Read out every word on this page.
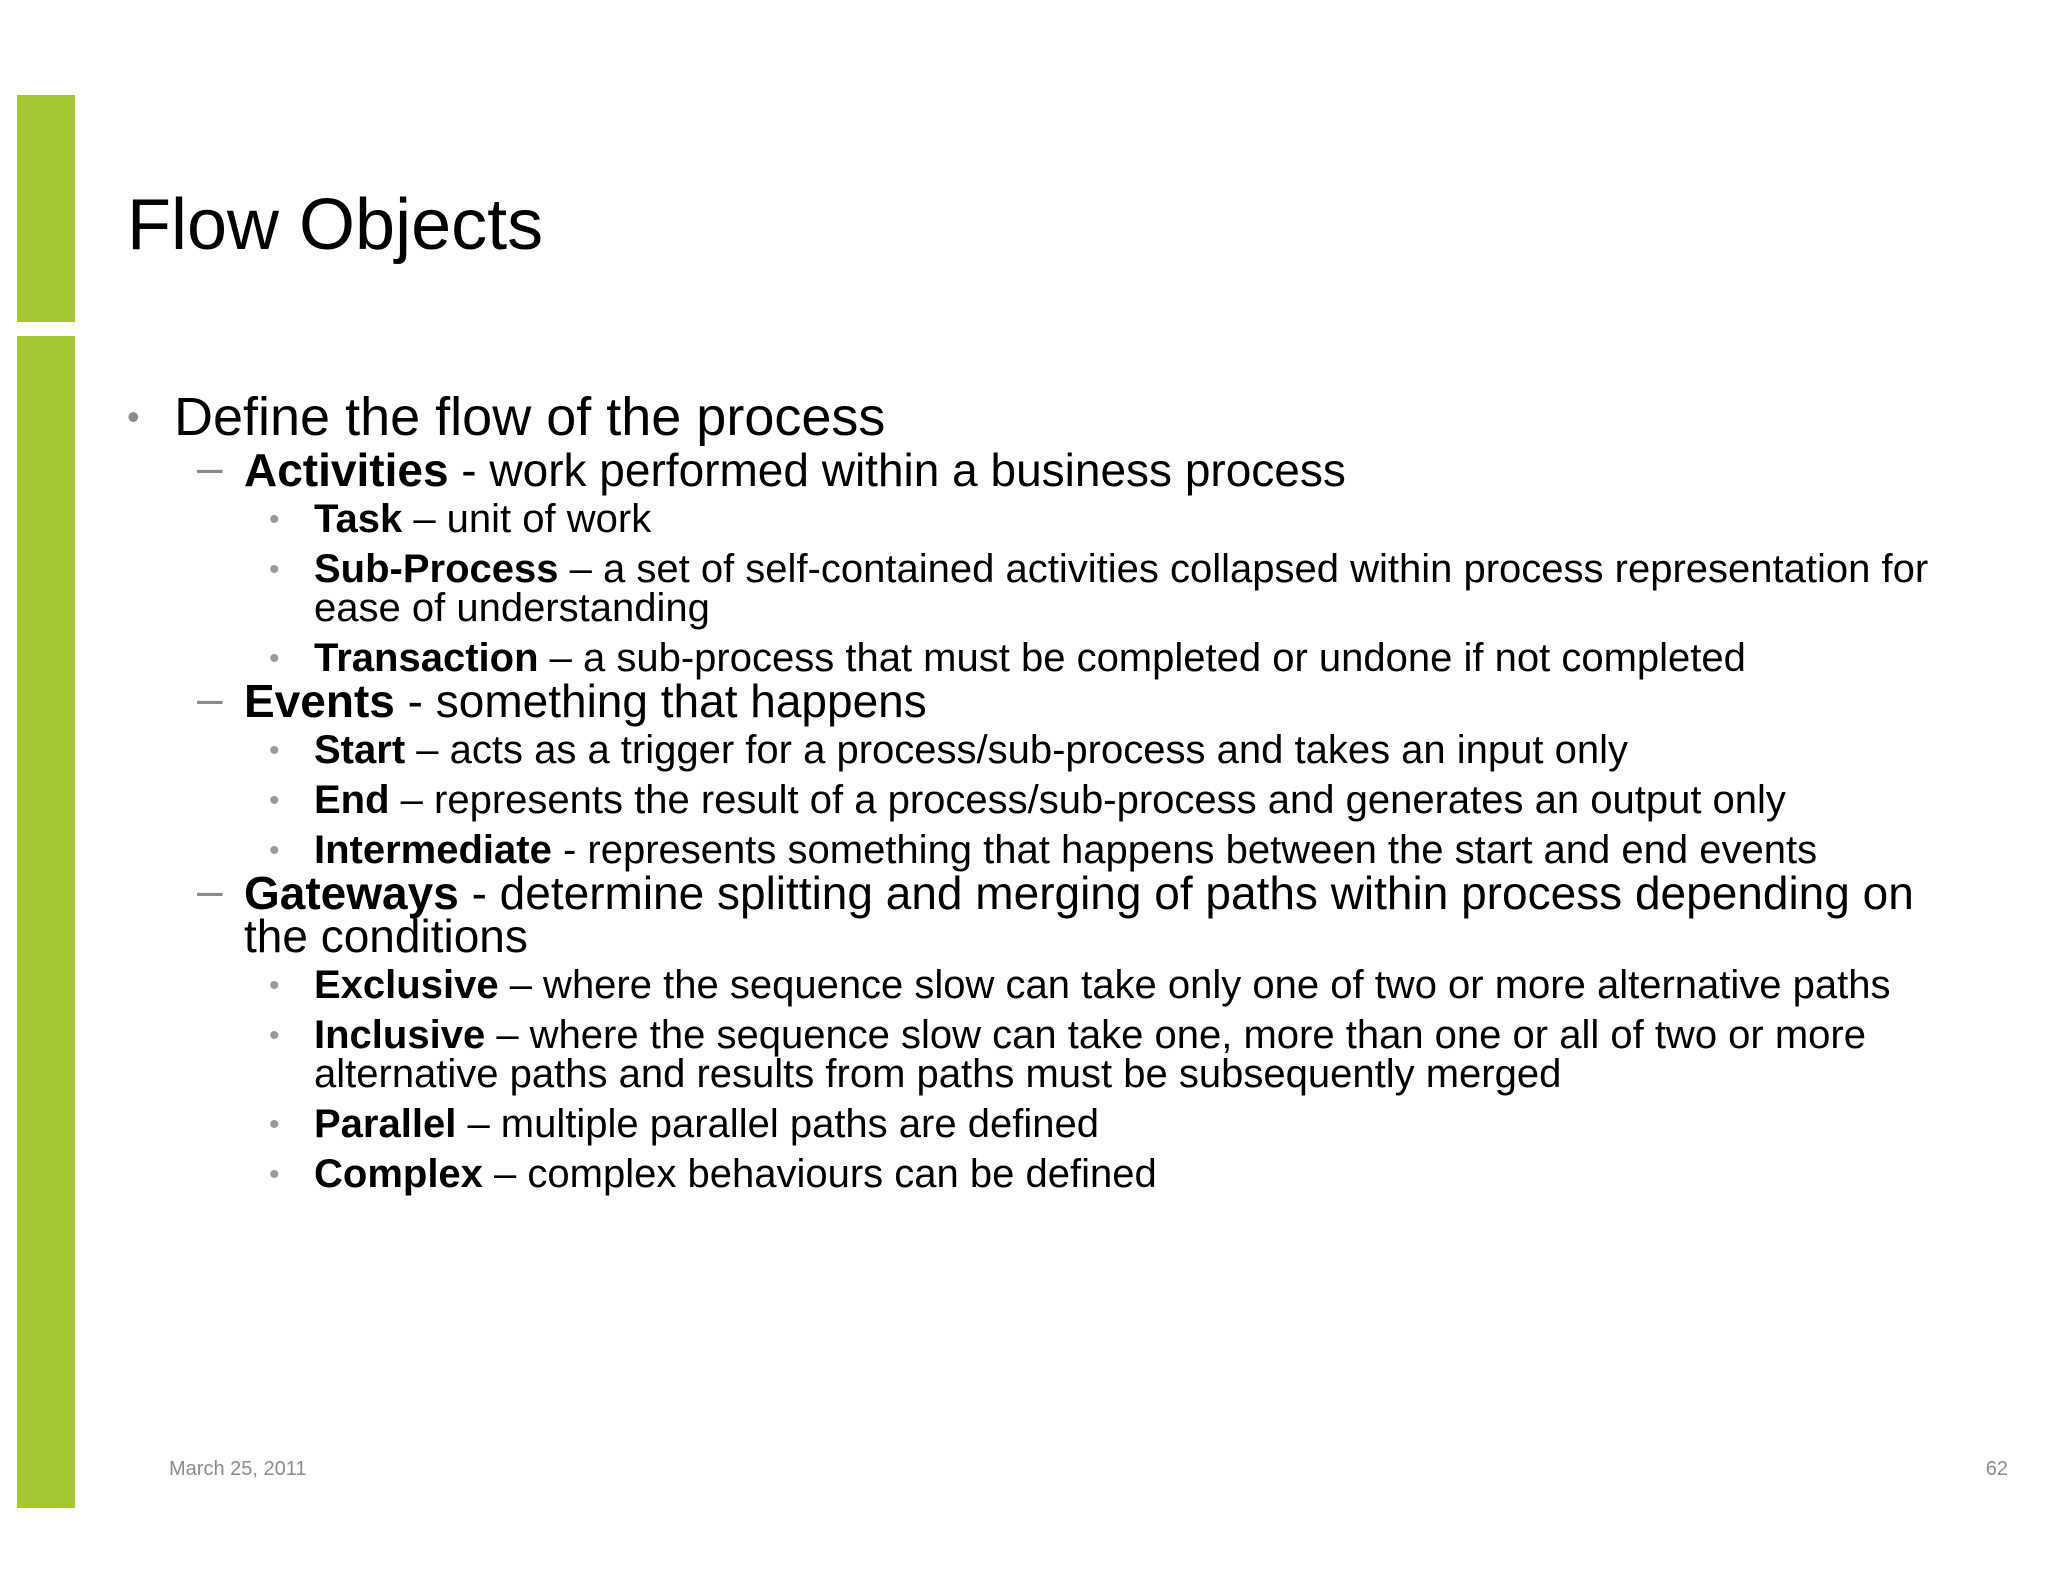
Flow Objects

• Define the flow of the process

– Activities - work performed within a business process

• Task – unit of work

• Sub-Process – a set of self-contained activities collapsed within process representation for ease of understanding

• Transaction – a sub-process that must be completed or undone if not completed

– Events - something that happens

• Start – acts as a trigger for a process/sub-process and takes an input only

• End – represents the result of a process/sub-process and generates an output only

• Intermediate - represents something that happens between the start and end events

– Gateways - determine splitting and merging of paths within process depending on the conditions

• Exclusive – where the sequence slow can take only one of two or more alternative paths

• Inclusive – where the sequence slow can take one, more than one or all of two or more alternative paths and results from paths must be subsequently merged

• Parallel – multiple parallel paths are defined

• Complex – complex behaviours can be defined

March 25, 2011	62
